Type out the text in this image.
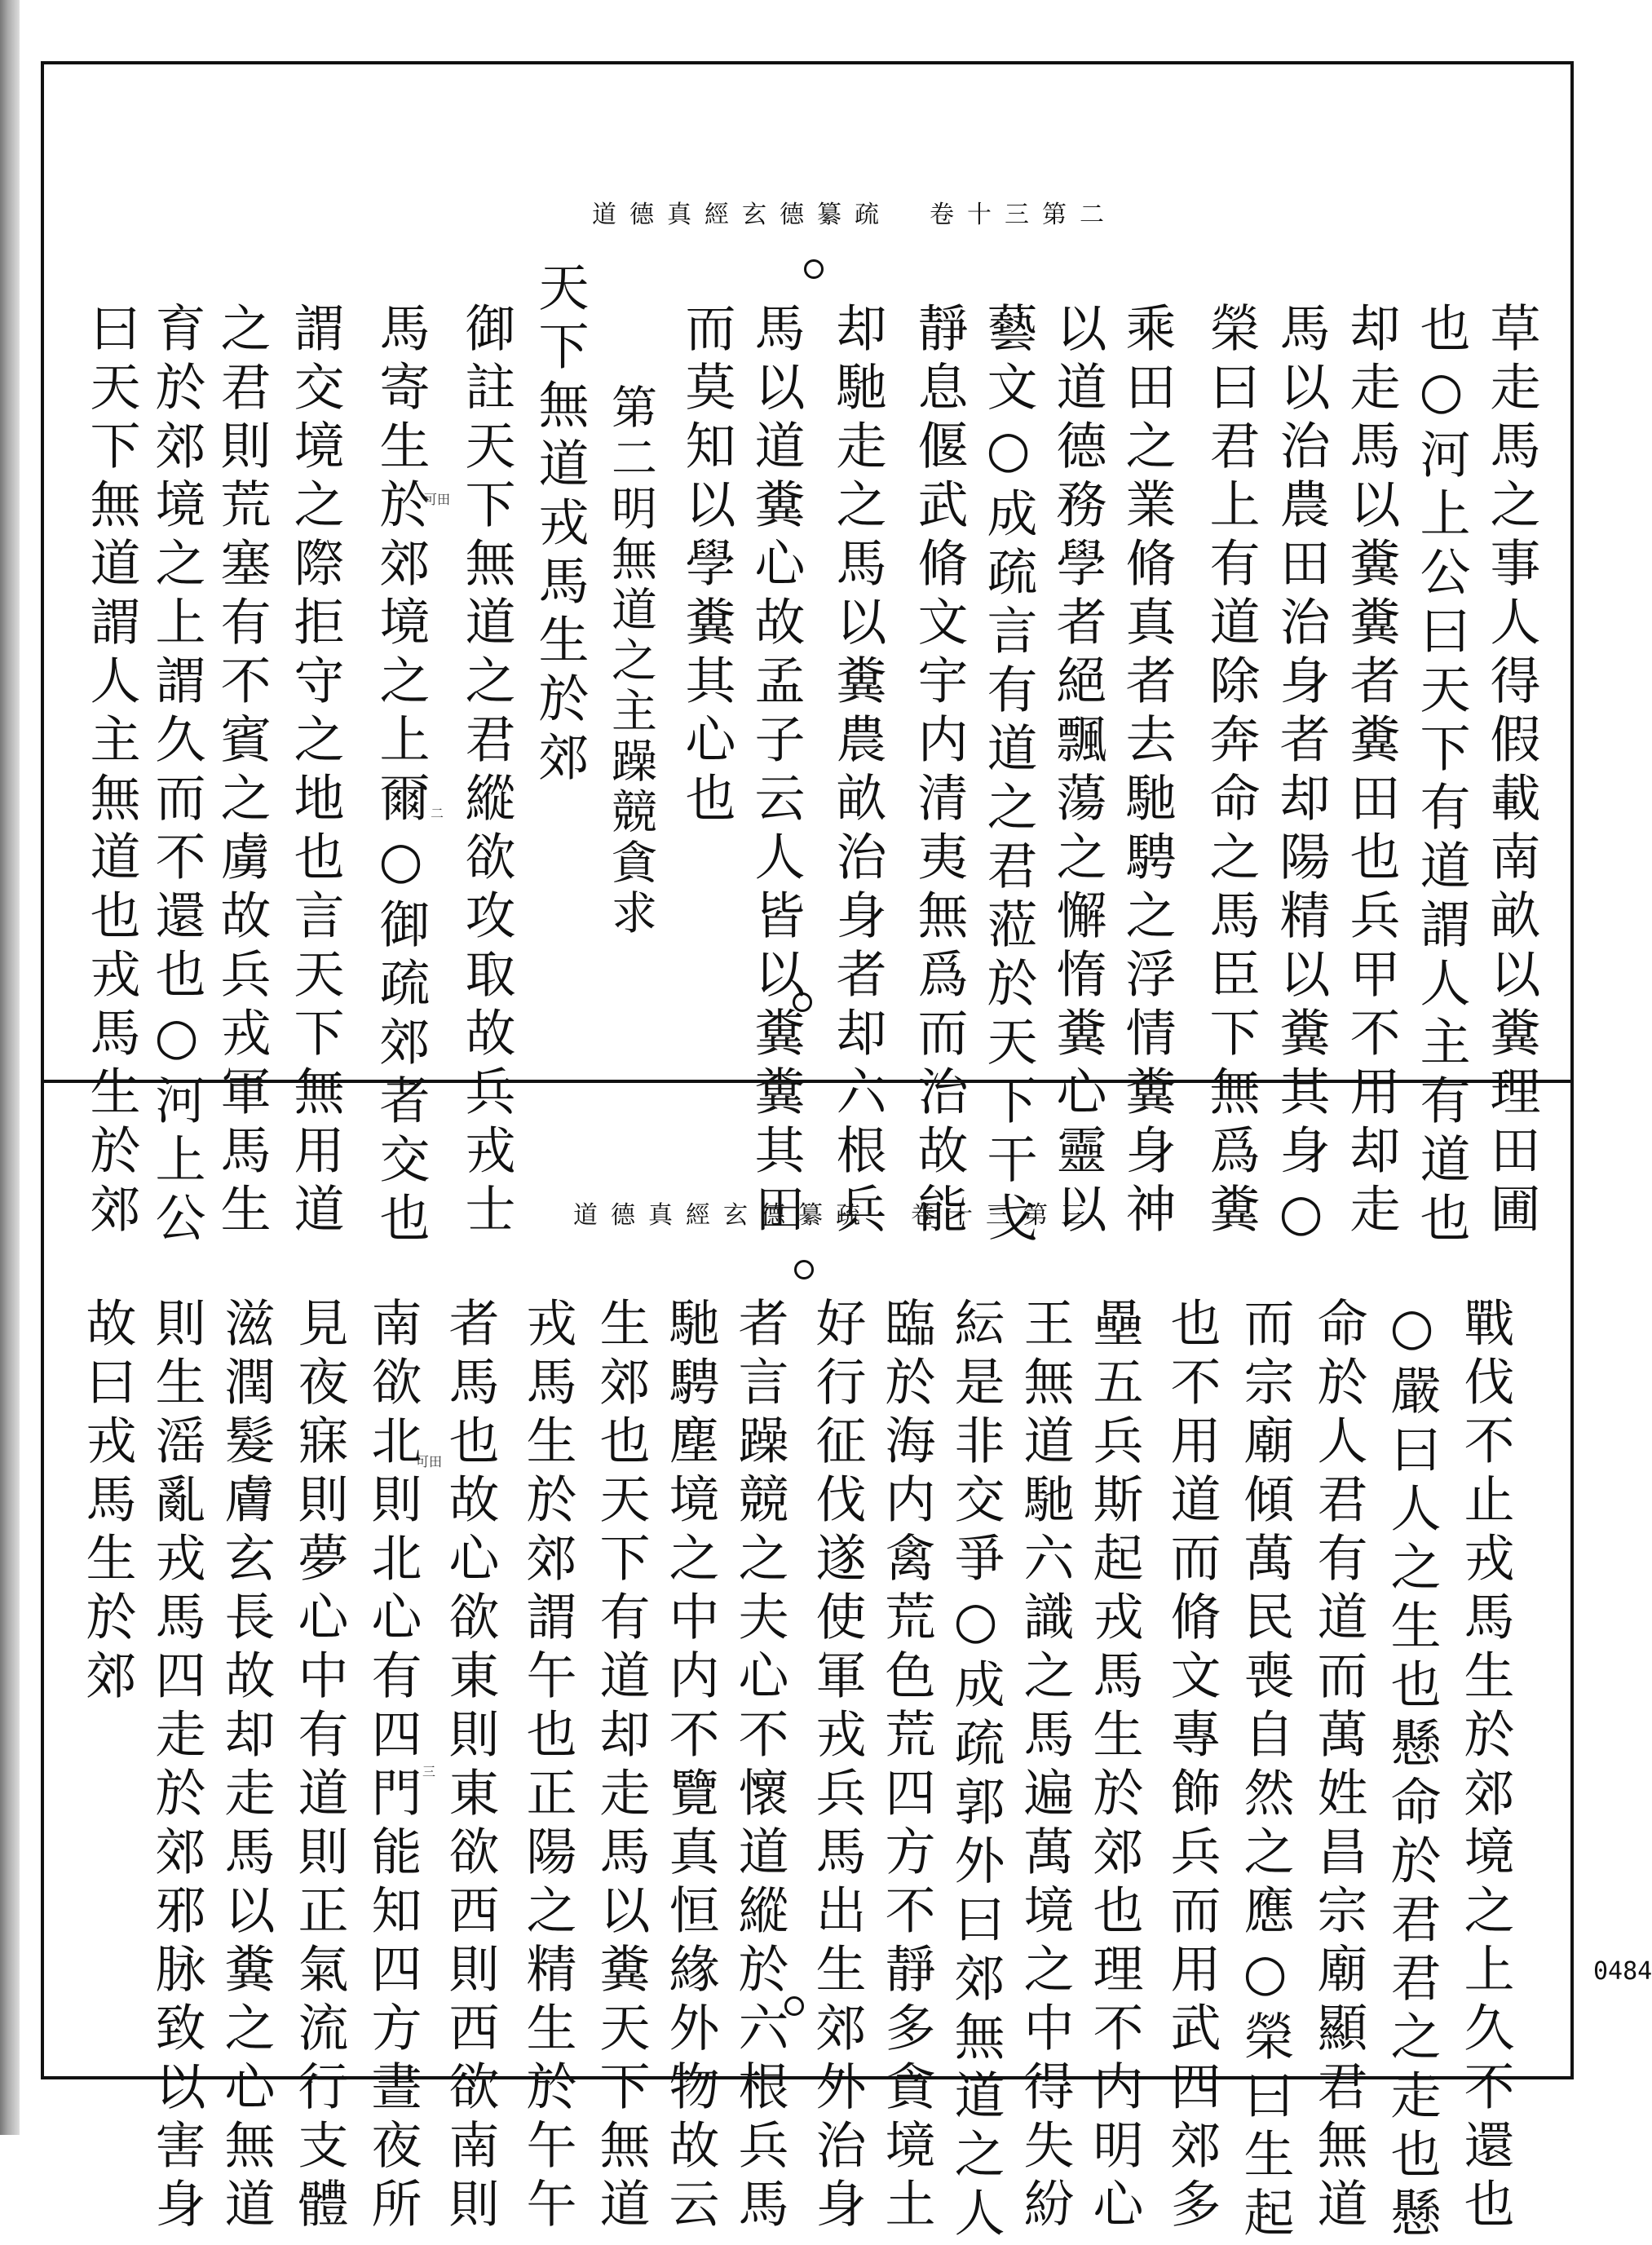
道德真經玄德纂疏　卷十三第二
草走馬之事人得假載南畝以糞理田圃
也○河上公曰天下有道謂人主有道也
却走馬以糞糞者糞田也兵甲不用却走
馬以治農田治身者却陽精以糞其身○
榮曰君上有道除奔命之馬臣下無爲糞
乘田之業脩真者去馳騁之浮情糞身神
以道德務學者絕飄蕩之懈惰糞心靈以
藝文○成疏言有道之君蒞於天下干戈
靜息偃武脩文宇内清夷無爲而治故能
却馳走之馬以糞農畝治身者却六根兵
馬以道糞心故孟子云人皆以糞糞其田
而莫知以學糞其心也
第二明無道之主躁競貪求
天下無道戎馬生於郊
御註天下無道之君縱欲攻取故兵戎士
馬寄生於郊境之上爾○御疏郊者交也
謂交境之際拒守之地也言天下無用道
之君則荒塞有不賓之虜故兵戎軍馬生
育於郊境之上謂久而不還也○河上公
曰天下無道謂人主無道也戎馬生於郊	道德真經玄德纂疏　卷十三第三
戰伐不止戎馬生於郊境之上久不還也
○嚴曰人之生也懸命於君君之走也懸
命於人君有道而萬姓昌宗廟顯君無道
而宗廟傾萬民喪自然之應○榮曰生起
也不用道而脩文專飾兵而用武四郊多
壘五兵斯起戎馬生於郊也理不内明心
王無道馳六識之馬遍萬境之中得失紛
紜是非交爭○成疏郭外曰郊無道之人
臨於海内禽荒色荒四方不靜多貪境土
好行征伐遂使軍戎兵馬出生郊外治身
者言躁競之夫心不懷道縱於六根兵馬
馳騁塵境之中内不覽真恒緣外物故云
生郊也天下有道却走馬以糞天下無道
戎馬生於郊謂午也正陽之精生於午午
者馬也故心欲東則東欲西則西欲南則
南欲北則北心有四門能知四方晝夜所
見夜寐則夢心中有道則正氣流行支體
滋潤髮膚玄長故却走馬以糞之心無道
則生滛亂戎馬四走於郊邪脉致以害身
故曰戎馬生於郊
可田
二
可田
三
0484
